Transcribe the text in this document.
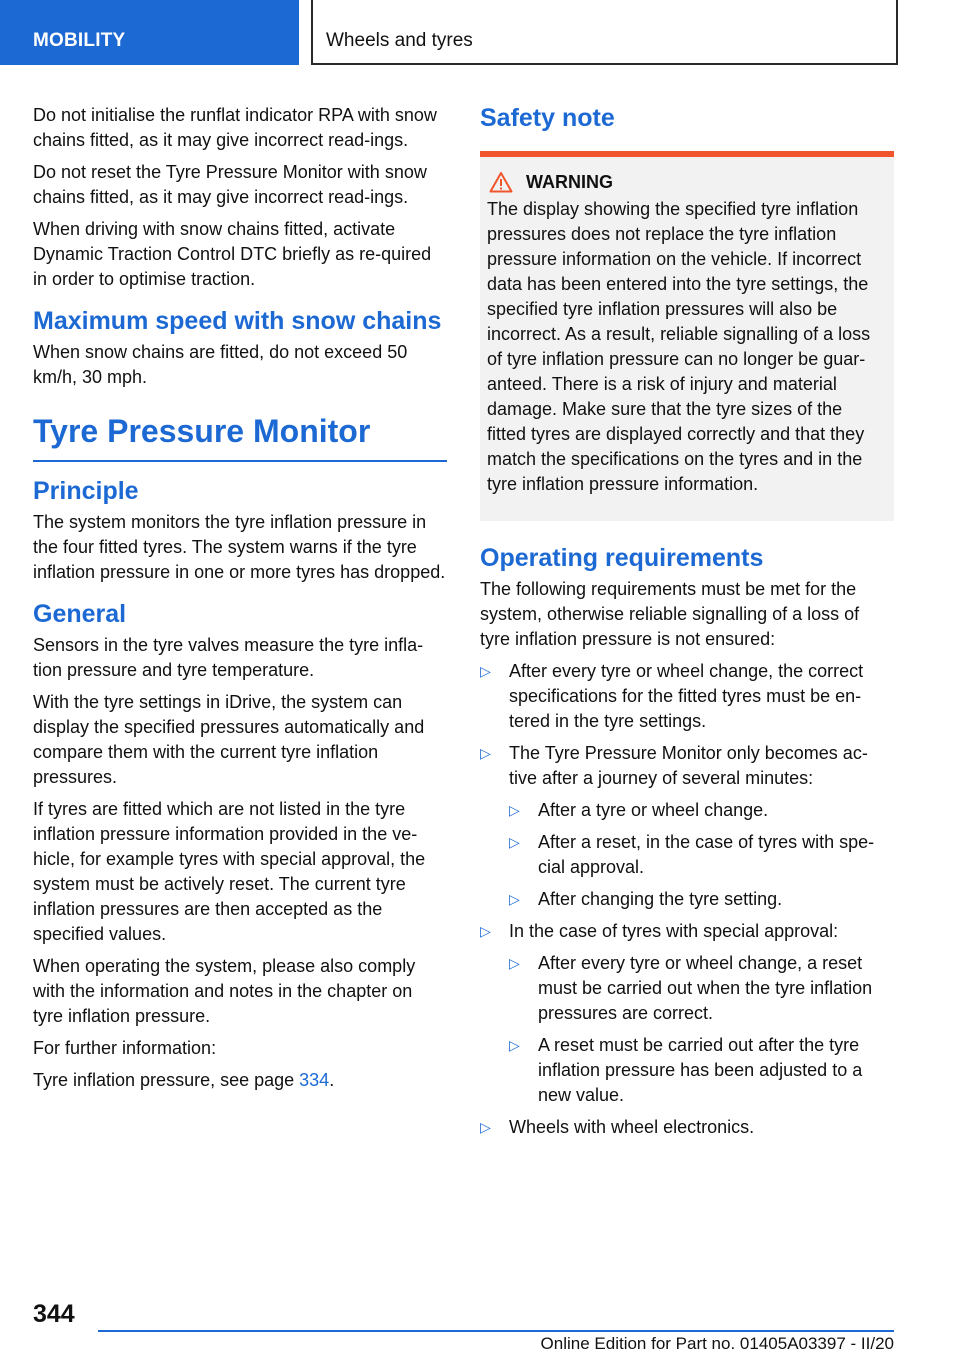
MOBILITY	Wheels and tyres

Do not initialise the runflat indicator RPA with snow chains fitted, as it may give incorrect read-ings.

Do not reset the Tyre Pressure Monitor with snow chains fitted, as it may give incorrect read-ings.

When driving with snow chains fitted, activate Dynamic Traction Control DTC briefly as re-quired in order to optimise traction.

Maximum speed with snow chains

When snow chains are fitted, do not exceed 50 km/h, 30 mph.

Tyre Pressure Monitor
Principle

The system monitors the tyre inflation pressure in the four fitted tyres. The system warns if the tyre inflation pressure in one or more tyres has dropped.

General

Sensors in the tyre valves measure the tyre infla-tion pressure and tyre temperature.

With the tyre settings in iDrive, the system can display the specified pressures automatically and compare them with the current tyre inflation pressures.

If tyres are fitted which are not listed in the tyre inflation pressure information provided in the ve-hicle, for example tyres with special approval, the system must be actively reset. The current tyre inflation pressures are then accepted as the specified values.

When operating the system, please also comply with the information and notes in the chapter on tyre inflation pressure.

For further information:

Tyre inflation pressure, see page 334.

Safety note
WARNING

The display showing the specified tyre inflation pressures does not replace the tyre inflation pressure information on the vehicle. If incorrect data has been entered into the tyre settings, the specified tyre inflation pressures will also be incorrect. As a result, reliable signalling of a loss of tyre inflation pressure can no longer be guar-anteed. There is a risk of injury and material damage. Make sure that the tyre sizes of the fitted tyres are displayed correctly and that they match the specifications on the tyres and in the tyre inflation pressure information.

Operating requirements

The following requirements must be met for the system, otherwise reliable signalling of a loss of tyre inflation pressure is not ensured:

▷	After every tyre or wheel change, the correct specifications for the fitted tyres must be en-tered in the tyre settings.
▷	The Tyre Pressure Monitor only becomes ac-tive after a journey of several minutes:
▷ After a tyre or wheel change.
▷ After a reset, in the case of tyres with spe-cial approval.
▷ After changing the tyre setting.
▷	In the case of tyres with special approval:
▷ After every tyre or wheel change, a reset must be carried out when the tyre inflation pressures are correct.
▷ A reset must be carried out after the tyre inflation pressure has been adjusted to a new value.
▷	Wheels with wheel electronics.
344
Online Edition for Part no. 01405A03397 - II/20
